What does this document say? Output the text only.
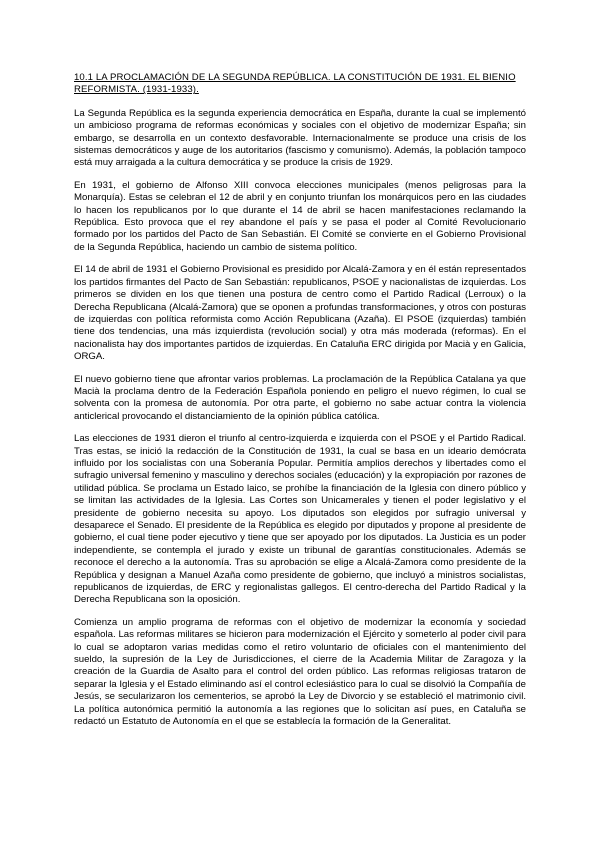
10.1 LA PROCLAMACIÓN DE LA SEGUNDA REPÚBLICA. LA CONSTITUCIÓN DE 1931. EL BIENIO REFORMISTA. (1931-1933).

La Segunda República es la segunda experiencia democrática en España, durante la cual se implementó un ambicioso programa de reformas económicas y sociales con el objetivo de modernizar España; sin embargo, se desarrolla en un contexto desfavorable. Internacionalmente se produce una crisis de los sistemas democráticos y auge de los autoritarios (fascismo y comunismo). Además, la población tampoco está muy arraigada a la cultura democrática y se produce la crisis de 1929.

En 1931, el gobierno de Alfonso XIII convoca elecciones municipales (menos peligrosas para la Monarquía). Estas se celebran el 12 de abril y en conjunto triunfan los monárquicos pero en las ciudades lo hacen los republicanos por lo que durante el 14 de abril se hacen manifestaciones reclamando la República. Esto provoca que el rey abandone el país y se pasa el poder al Comité Revolucionario formado por los partidos del Pacto de San Sebastián. El Comité se convierte en el Gobierno Provisional de la Segunda República, haciendo un cambio de sistema político.

El 14 de abril de 1931 el Gobierno Provisional es presidido por Alcalá-Zamora y en él están representados los partidos firmantes del Pacto de San Sebastián: republicanos, PSOE y nacionalistas de izquierdas. Los primeros se dividen en los que tienen una postura de centro como el Partido Radical (Lerroux) o la Derecha Republicana (Alcalá-Zamora) que se oponen a profundas transformaciones, y otros con posturas de izquierdas con política reformista como Acción Republicana (Azaña). El PSOE (izquierdas) también tiene dos tendencias, una más izquierdista (revolución social) y otra más moderada (reformas). En el nacionalista hay dos importantes partidos de izquierdas. En Cataluña ERC dirigida por Macià y en Galicia, ORGA.

El nuevo gobierno tiene que afrontar varios problemas. La proclamación de la República Catalana ya que Macià la proclama dentro de la Federación Española poniendo en peligro el nuevo régimen, lo cual se solventa con la promesa de autonomía. Por otra parte, el gobierno no sabe actuar contra la violencia anticlerical provocando el distanciamiento de la opinión pública católica.

Las elecciones de 1931 dieron el triunfo al centro-izquierda e izquierda con el PSOE y el Partido Radical. Tras estas, se inició la redacción de la Constitución de 1931, la cual se basa en un ideario demócrata influido por los socialistas con una Soberanía Popular. Permitía amplios derechos y libertades como el sufragio universal femenino y masculino y derechos sociales (educación) y la expropiación por razones de utilidad pública. Se proclama un Estado laico, se prohíbe la financiación de la Iglesia con dinero público y se limitan las actividades de la Iglesia. Las Cortes son Unicamerales y tienen el poder legislativo y el presidente de gobierno necesita su apoyo. Los diputados son elegidos por sufragio universal y desaparece el Senado. El presidente de la República es elegido por diputados y propone al presidente de gobierno, el cual tiene poder ejecutivo y tiene que ser apoyado por los diputados. La Justicia es un poder independiente, se contempla el jurado y existe un tribunal de garantías constitucionales. Además se reconoce el derecho a la autonomía. Tras su aprobación se elige a Alcalá-Zamora como presidente de la República y designan a Manuel Azaña como presidente de gobierno, que incluyó a ministros socialistas, republicanos de izquierdas, de ERC y regionalistas gallegos. El centro-derecha del Partido Radical y la Derecha Republicana son la oposición.

Comienza un amplio programa de reformas con el objetivo de modernizar la economía y sociedad española. Las reformas militares se hicieron para modernización el Ejército y someterlo al poder civil para lo cual se adoptaron varias medidas como el retiro voluntario de oficiales con el mantenimiento del sueldo, la supresión de la Ley de Jurisdicciones, el cierre de la Academia Militar de Zaragoza y la creación de la Guardia de Asalto para el control del orden público. Las reformas religiosas trataron de separar la Iglesia y el Estado eliminando así el control eclesiástico para lo cual se disolvió la Compañía de Jesús, se secularizaron los cementerios, se aprobó la Ley de Divorcio y se estableció el matrimonio civil. La política autonómica permitió la autonomía a las regiones que lo solicitan así pues, en Cataluña se redactó un Estatuto de Autonomía en el que se establecía la formación de la Generalitat.
